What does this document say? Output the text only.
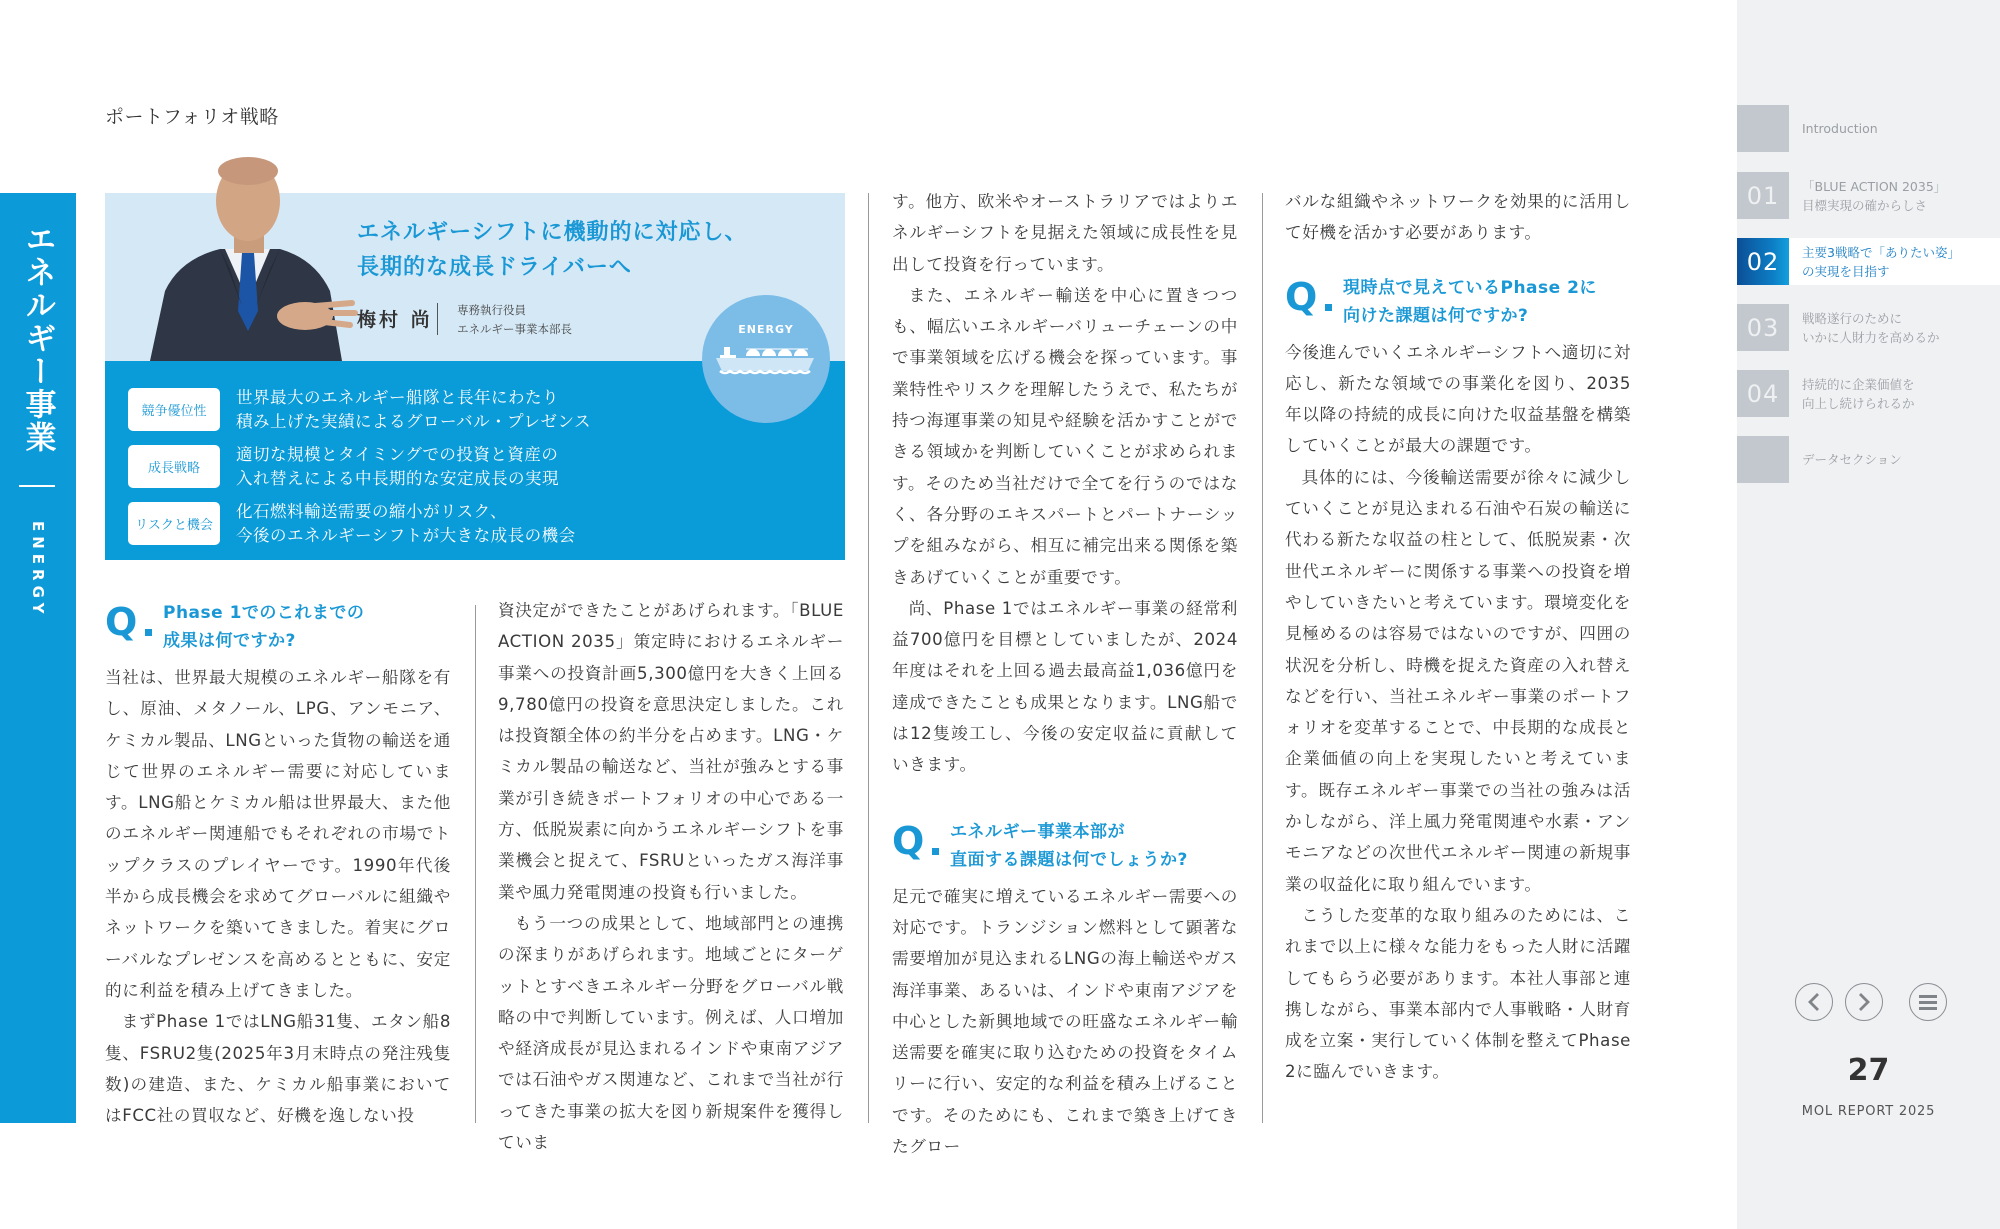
ポートフォリオ戦略
エネルギー事業
ENERGY
エネルギーシフトに機動的に対応し、
長期的な成長ドライバーへ
梅村 尚 専務執行役員
エネルギー事業本部長	ENERGY
競争優位性
世界最大のエネルギー船隊と長年にわたり
積み上げた実績によるグローバル・プレゼンス
成長戦略
適切な規模とタイミングでの投資と資産の
入れ替えによる中長期的な安定成長の実現
リスクと機会
化石燃料輸送需要の縮小がリスク、
今後のエネルギーシフトが大きな成長の機会
Q Phase 1でのこれまでの
成果は何ですか?

当社は、世界最大規模のエネルギー船隊を有し、原油、メタノール、LPG、アンモニア、ケミカル製品、LNGといった貨物の輸送を通じて世界のエネルギー需要に対応しています。LNG船とケミカル船は世界最大、また他のエネルギー関連船でもそれぞれの市場でトップクラスのプレイヤーです。1990年代後半から成長機会を求めてグローバルに組織やネットワークを築いてきました。着実にグローバルなプレゼンスを高めるとともに、安定的に利益を積み上げてきました。

まずPhase 1ではLNG船31隻、エタン船8隻、FSRU2隻(2025年3月末時点の発注残隻数)の建造、また、ケミカル船事業においてはFCC社の買収など、好機を逸しない投

資決定ができたことがあげられます。「BLUE ACTION 2035」策定時におけるエネルギー事業への投資計画5,300億円を大きく上回る9,780億円の投資を意思決定しました。これは投資額全体の約半分を占めます。LNG・ケミカル製品の輸送など、当社が強みとする事業が引き続きポートフォリオの中心である一方、低脱炭素に向かうエネルギーシフトを事業機会と捉えて、FSRUといったガス海洋事業や風力発電関連の投資も行いました。

もう一つの成果として、地域部門との連携の深まりがあげられます。地域ごとにターゲットとすべきエネルギー分野をグローバル戦略の中で判断しています。例えば、人口増加や経済成長が見込まれるインドや東南アジアでは石油やガス関連など、これまで当社が行ってきた事業の拡大を図り新規案件を獲得していま

す。他方、欧米やオーストラリアではよりエネルギーシフトを見据えた領域に成長性を見出して投資を行っています。

また、エネルギー輸送を中心に置きつつも、幅広いエネルギーバリューチェーンの中で事業領域を広げる機会を探っています。事業特性やリスクを理解したうえで、私たちが持つ海運事業の知見や経験を活かすことができる領域かを判断していくことが求められます。そのため当社だけで全てを行うのではなく、各分野のエキスパートとパートナーシップを組みながら、相互に補完出来る関係を築きあげていくことが重要です。

尚、Phase 1ではエネルギー事業の経常利益700億円を目標としていましたが、2024年度はそれを上回る過去最高益1,036億円を達成できたことも成果となります。LNG船では12隻竣工し、今後の安定収益に貢献していきます。

Q エネルギー事業本部が
直面する課題は何でしょうか?

足元で確実に増えているエネルギー需要への対応です。トランジション燃料として顕著な需要増加が見込まれるLNGの海上輸送やガス海洋事業、あるいは、インドや東南アジアを中心とした新興地域での旺盛なエネルギー輸送需要を確実に取り込むための投資をタイムリーに行い、安定的な利益を積み上げることです。そのためにも、これまで築き上げてきたグロー

バルな組織やネットワークを効果的に活用して好機を活かす必要があります。

Q 現時点で見えているPhase 2に
向けた課題は何ですか?

今後進んでいくエネルギーシフトへ適切に対応し、新たな領域での事業化を図り、2035年以降の持続的成長に向けた収益基盤を構築していくことが最大の課題です。

具体的には、今後輸送需要が徐々に減少していくことが見込まれる石油や石炭の輸送に代わる新たな収益の柱として、低脱炭素・次世代エネルギーに関係する事業への投資を増やしていきたいと考えています。環境変化を見極めるのは容易ではないのですが、四囲の状況を分析し、時機を捉えた資産の入れ替えなどを行い、当社エネルギー事業のポートフォリオを変革することで、中長期的な成長と企業価値の向上を実現したいと考えています。既存エネルギー事業での当社の強みは活かしながら、洋上風力発電関連や水素・アンモニアなどの次世代エネルギー関連の新規事業の収益化に取り組んでいます。

こうした変革的な取り組みのためには、これまで以上に様々な能力をもった人財に活躍してもらう必要があります。本社人事部と連携しながら、事業本部内で人事戦略・人財育成を立案・実行していく体制を整えてPhase 2に臨んでいきます。

Introduction
01	「BLUE ACTION 2035」
目標実現の確からしさ
02	主要3戦略で「ありたい姿」
の実現を目指す
03	戦略遂行のために
いかに人財力を高めるか
04	持続的に企業価値を
向上し続けられるか
データセクション
27
MOL REPORT 2025
